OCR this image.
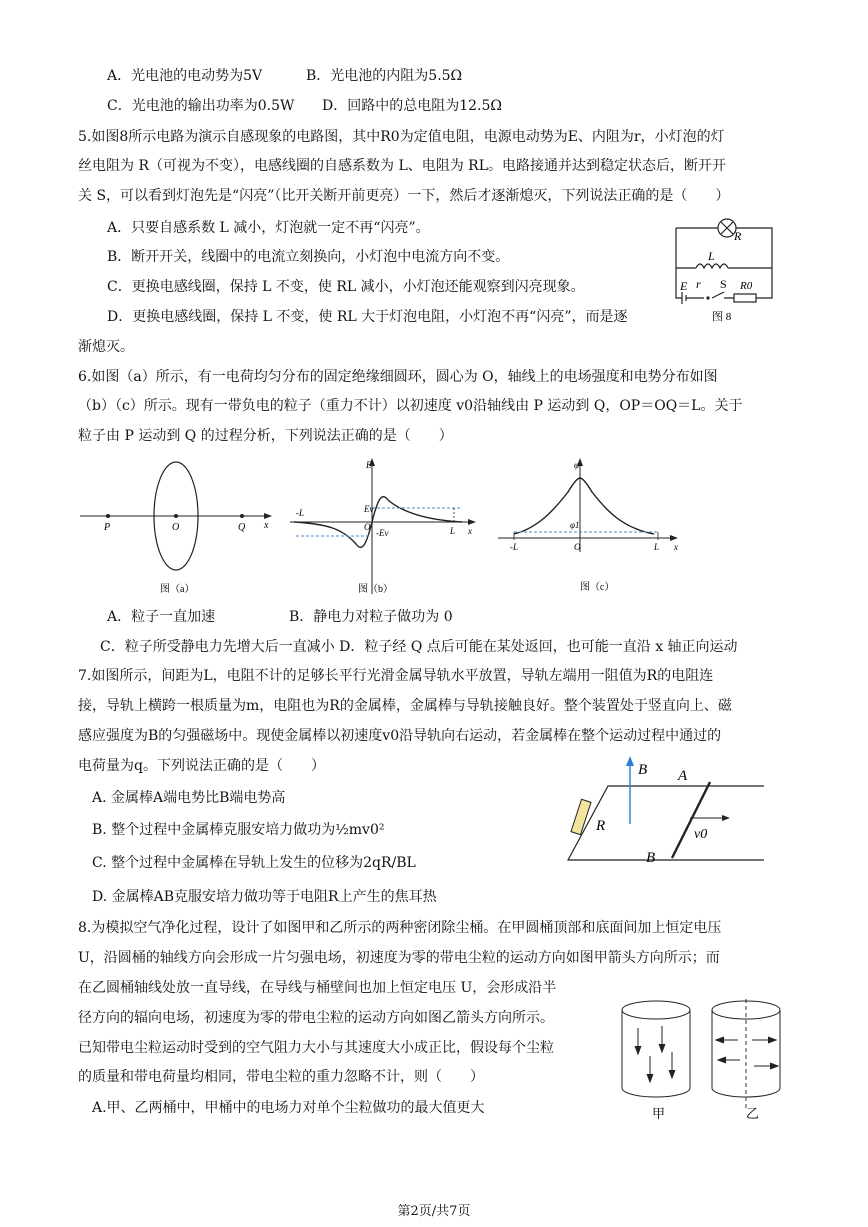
A．光电池的电动势为5V	B．光电池的内阻为5.5Ω
C．光电池的输出功率为0.5W D．回路中的总电阻为12.5Ω
5.如图8所示电路为演示自感现象的电路图，其中R0为定值电阻，电源电动势为E、内阻为r，小灯泡的灯
丝电阻为 R（可视为不变），电感线圈的自感系数为 L、电阻为 RL。电路接通并达到稳定状态后，断开开
关 S，可以看到灯泡先是“闪亮”（比开关断开前更亮）一下，然后才逐渐熄灭，下列说法正确的是（　　）
A．只要自感系数 L 减小，灯泡就一定不再“闪亮”。
B．断开开关，线圈中的电流立刻换向，小灯泡中电流方向不变。
C．更换电感线圈，保持 L 不变，使 RL 减小，小灯泡还能观察到闪亮现象。
D．更换电感线圈，保持 L 不变，使 RL 大于灯泡电阻，小灯泡不再“闪亮”，而是逐
渐熄灭。
R
L
E r S R0
图 8
6.如图（a）所示，有一电荷均匀分布的固定绝缘细圆环，圆心为 O，轴线上的电场强度和电势分布如图
（b）（c）所示。现有一带负电的粒子（重力不计）以初速度 v0沿轴线由 P 运动到 Q，OP＝OQ＝L。关于
粒子由 P 运动到 Q 的过程分析，下列说法正确的是（　　）
P	O	Q x
图（a）
E
Ev
-Ev
-L
O	L x
图（b）
φ
φ1
-L	O	L x
图（c）
A．粒子一直加速	B．静电力对粒子做功为 0
C．粒子所受静电力先增大后一直减小 D．粒子经 Q 点后可能在某处返回，也可能一直沿 x 轴正向运动
7.如图所示，间距为L，电阻不计的足够长平行光滑金属导轨水平放置，导轨左端用一阻值为R的电阻连
接，导轨上横跨一根质量为m，电阻也为R的金属棒，金属棒与导轨接触良好。整个装置处于竖直向上、磁
感应强度为B的匀强磁场中。现使金属棒以初速度v0沿导轨向右运动，若金属棒在整个运动过程中通过的
电荷量为q。下列说法正确的是（　　）
A. 金属棒A端电势比B端电势高
B. 整个过程中金属棒克服安培力做功为½mv0²
C. 整个过程中金属棒在导轨上发生的位移为2qR/BL
D. 金属棒AB克服安培力做功等于电阻R上产生的焦耳热
B A
R
v0
B
8.为模拟空气净化过程，设计了如图甲和乙所示的两种密闭除尘桶。在甲圆桶顶部和底面间加上恒定电压
U，沿圆桶的轴线方向会形成一片匀强电场，初速度为零的带电尘粒的运动方向如图甲箭头方向所示；而
在乙圆桶轴线处放一直导线，在导线与桶壁间也加上恒定电压 U，会形成沿半
径方向的辐向电场，初速度为零的带电尘粒的运动方向如图乙箭头方向所示。
已知带电尘粒运动时受到的空气阻力大小与其速度大小成正比，假设每个尘粒
的质量和带电荷量均相同，带电尘粒的重力忽略不计，则（　　）
A.甲、乙两桶中，甲桶中的电场力对单个尘粒做功的最大值更大	甲	乙
第2页/共7页
